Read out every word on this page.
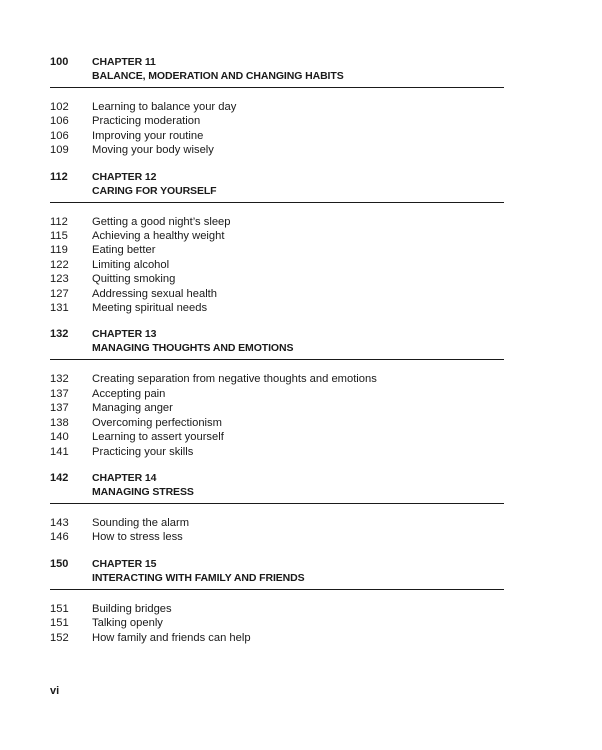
100	CHAPTER 11
BALANCE, MODERATION AND CHANGING HABITS
102	Learning to balance your day
106	Practicing moderation
106	Improving your routine
109	Moving your body wisely
112	CHAPTER 12
CARING FOR YOURSELF
112	Getting a good night’s sleep
115	Achieving a healthy weight
119	Eating better
122	Limiting alcohol
123	Quitting smoking
127	Addressing sexual health
131	Meeting spiritual needs
132	CHAPTER 13
MANAGING THOUGHTS AND EMOTIONS
132	Creating separation from negative thoughts and emotions
137	Accepting pain
137	Managing anger
138	Overcoming perfectionism
140	Learning to assert yourself
141	Practicing your skills
142	CHAPTER 14
MANAGING STRESS
143	Sounding the alarm
146	How to stress less
150	CHAPTER 15
INTERACTING WITH FAMILY AND FRIENDS
151	Building bridges
151	Talking openly
152	How family and friends can help
vi
